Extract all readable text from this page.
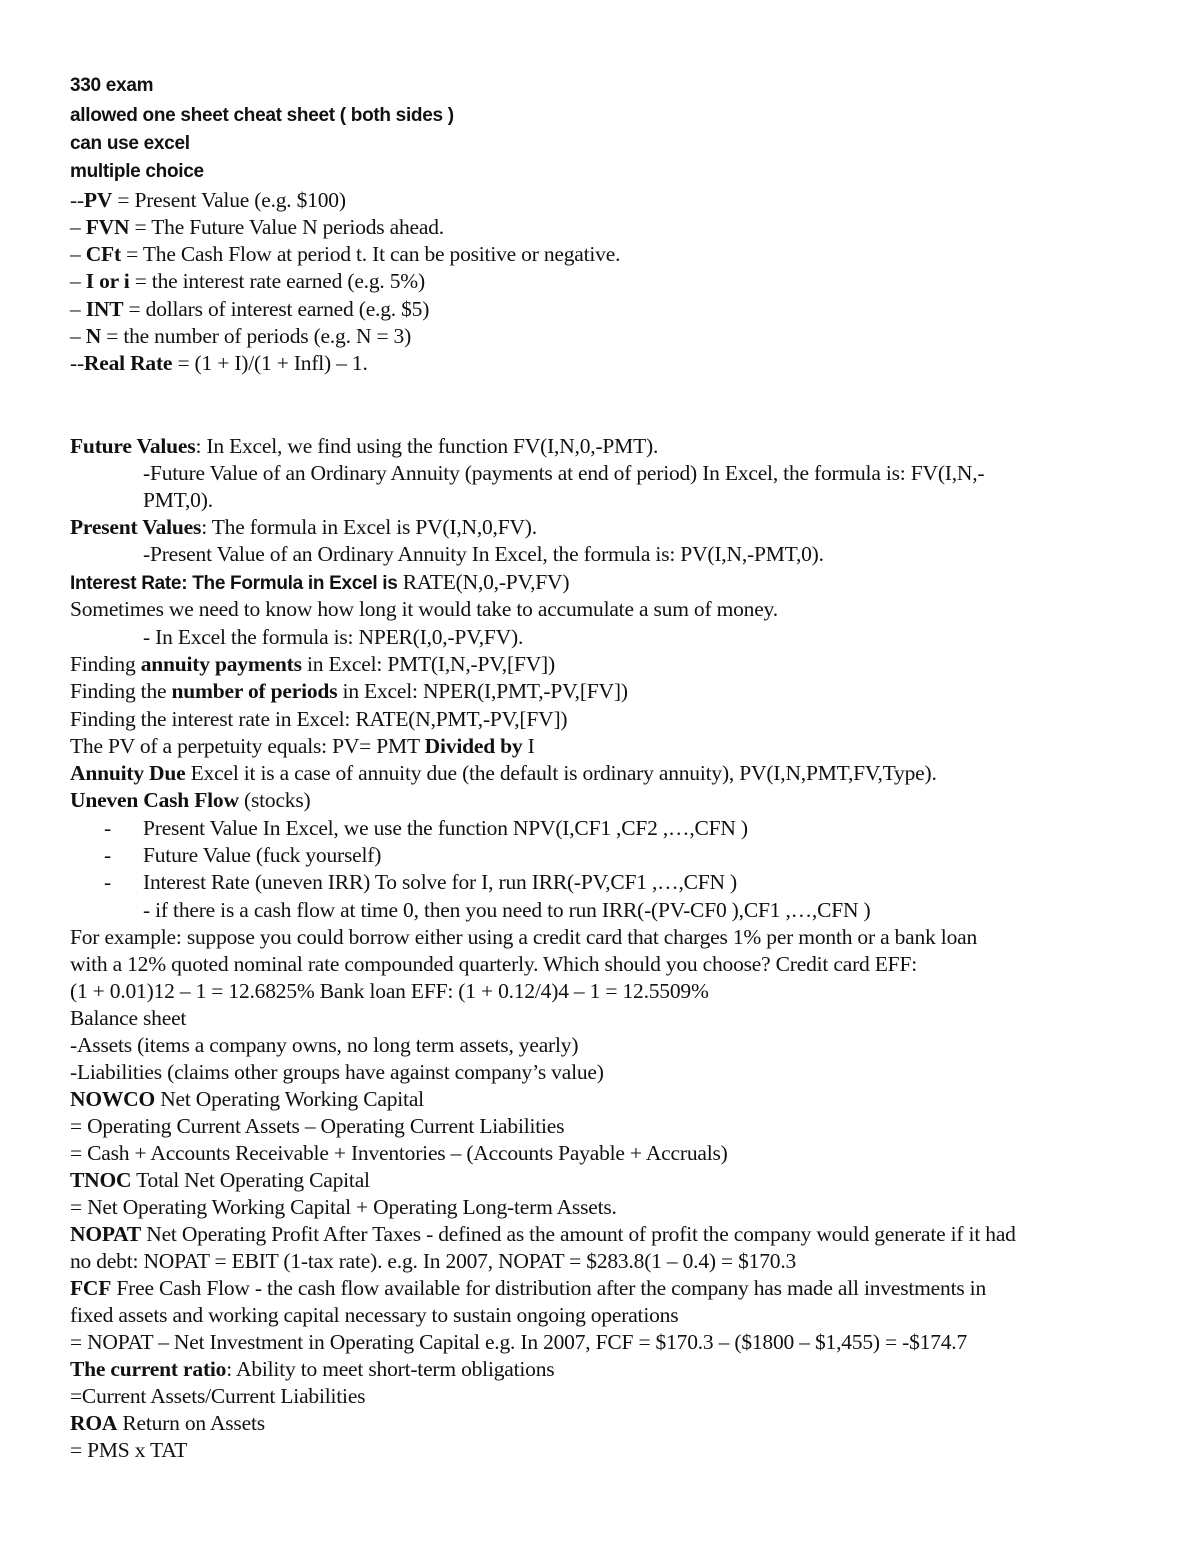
330 exam
allowed one sheet cheat sheet ( both sides )
can use excel
multiple choice
--PV = Present Value (e.g. $100)
– FVN = The Future Value N periods ahead.
– CFt = The Cash Flow at period t. It can be positive or negative.
– I or i = the interest rate earned (e.g. 5%)
– INT = dollars of interest earned (e.g. $5)
– N = the number of periods (e.g. N = 3)
--Real Rate = (1 + I)/(1 + Infl) – 1.
Future Values: In Excel, we find using the function FV(I,N,0,-PMT).
-Future Value of an Ordinary Annuity (payments at end of period) In Excel, the formula is: FV(I,N,-
PMT,0).
Present Values: The formula in Excel is PV(I,N,0,FV).
-Present Value of an Ordinary Annuity In Excel, the formula is: PV(I,N,-PMT,0).
Interest Rate: The Formula in Excel is RATE(N,0,-PV,FV)
Sometimes we need to know how long it would take to accumulate a sum of money.
- In Excel the formula is: NPER(I,0,-PV,FV).
Finding annuity payments in Excel: PMT(I,N,-PV,[FV])
Finding the number of periods in Excel: NPER(I,PMT,-PV,[FV])
Finding the interest rate in Excel: RATE(N,PMT,-PV,[FV])
The PV of a perpetuity equals: PV= PMT Divided by I
Annuity Due Excel it is a case of annuity due (the default is ordinary annuity), PV(I,N,PMT,FV,Type).
Uneven Cash Flow (stocks)
- Present Value In Excel, we use the function NPV(I,CF1 ,CF2 ,…,CFN )
- Future Value (fuck yourself)
- Interest Rate (uneven IRR) To solve for I, run IRR(-PV,CF1 ,…,CFN )
- if there is a cash flow at time 0, then you need to run IRR(-(PV-CF0 ),CF1 ,…,CFN )
For example: suppose you could borrow either using a credit card that charges 1% per month or a bank loan
with a 12% quoted nominal rate compounded quarterly. Which should you choose? Credit card EFF:
(1 + 0.01)12 – 1 = 12.6825% Bank loan EFF: (1 + 0.12/4)4 – 1 = 12.5509%
Balance sheet
-Assets (items a company owns, no long term assets, yearly)
-Liabilities (claims other groups have against company’s value)
NOWCO Net Operating Working Capital
= Operating Current Assets – Operating Current Liabilities
= Cash + Accounts Receivable + Inventories – (Accounts Payable + Accruals)
TNOC Total Net Operating Capital
= Net Operating Working Capital + Operating Long-term Assets.
NOPAT Net Operating Profit After Taxes - defined as the amount of profit the company would generate if it had
no debt: NOPAT = EBIT (1-tax rate). e.g. In 2007, NOPAT = $283.8(1 – 0.4) = $170.3
FCF Free Cash Flow - the cash flow available for distribution after the company has made all investments in
fixed assets and working capital necessary to sustain ongoing operations
= NOPAT – Net Investment in Operating Capital e.g. In 2007, FCF = $170.3 – ($1800 – $1,455) = -$174.7
The current ratio: Ability to meet short-term obligations
=Current Assets/Current Liabilities
ROA Return on Assets
= PMS x TAT
